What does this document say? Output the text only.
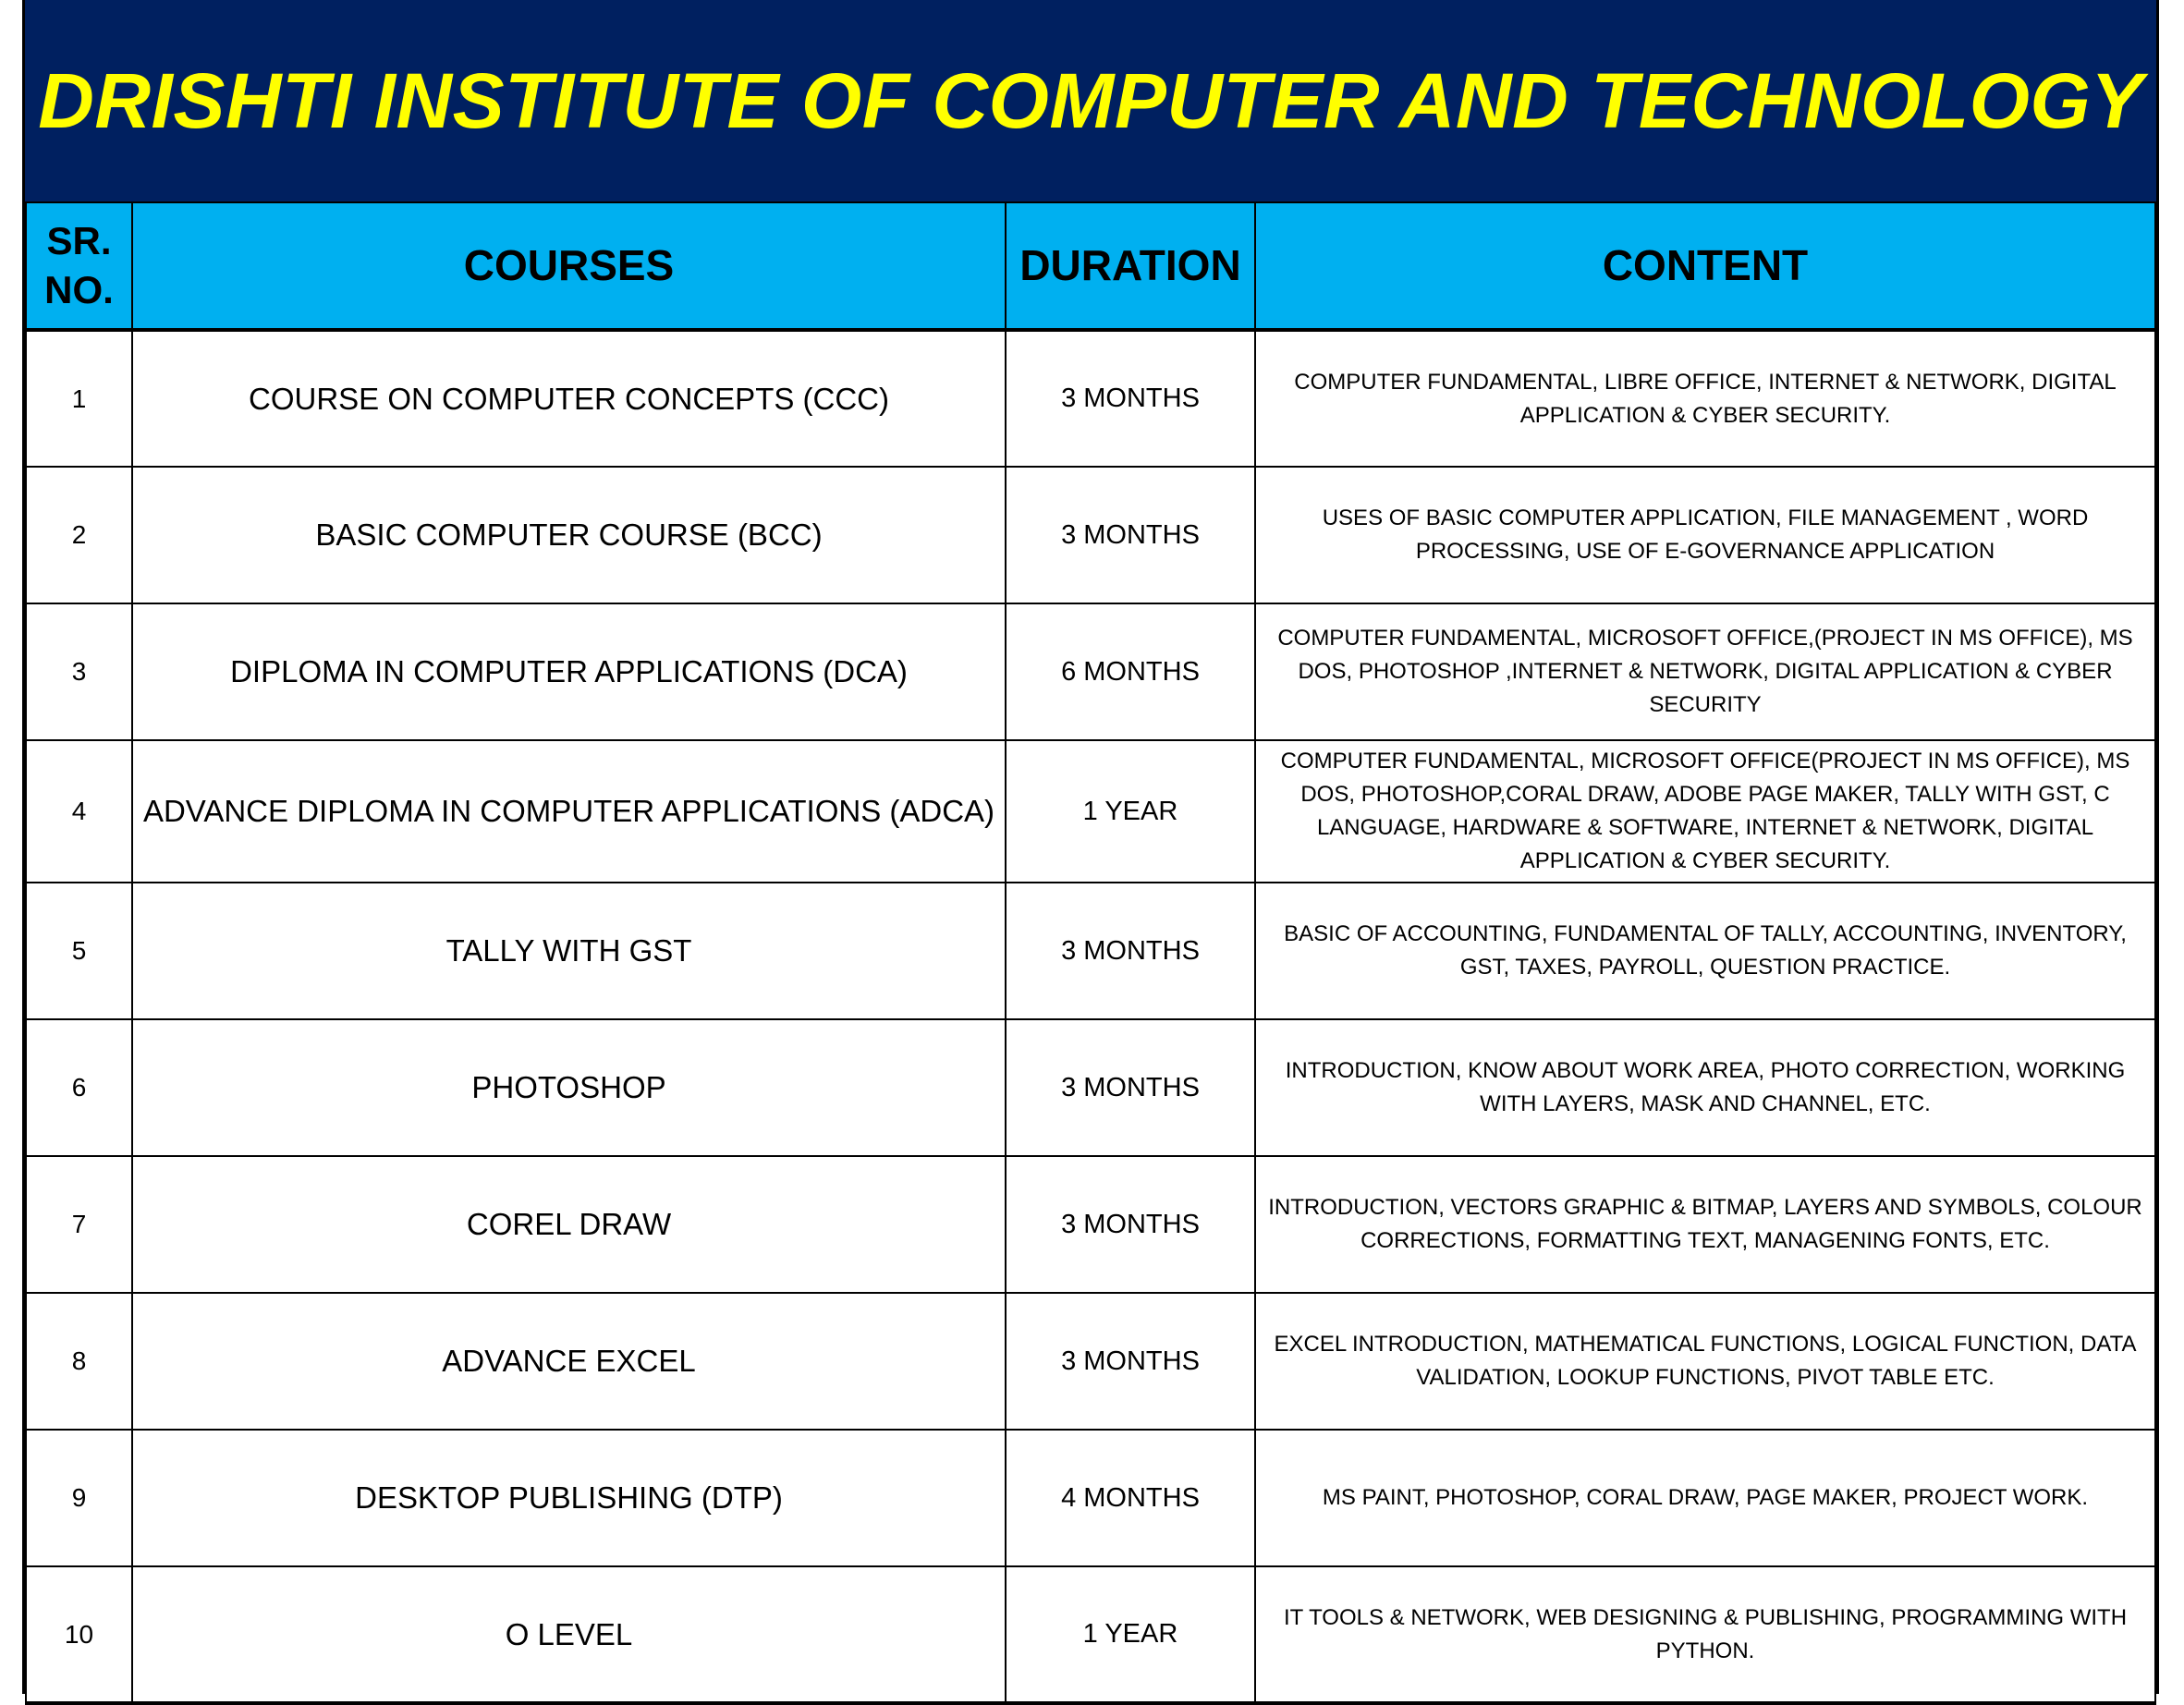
DRISHTI INSTITUTE OF COMPUTER AND TECHNOLOGY
SR. NO.	COURSES	DURATION	CONTENT
1	COURSE ON COMPUTER CONCEPTS (CCC)	3 MONTHS	COMPUTER FUNDAMENTAL, LIBRE OFFICE, INTERNET & NETWORK, DIGITAL APPLICATION & CYBER SECURITY.
2	BASIC COMPUTER COURSE (BCC)	3 MONTHS	USES OF BASIC COMPUTER APPLICATION, FILE MANAGEMENT , WORD PROCESSING, USE OF E-GOVERNANCE APPLICATION
3	DIPLOMA IN COMPUTER APPLICATIONS (DCA)	6 MONTHS	COMPUTER FUNDAMENTAL, MICROSOFT OFFICE,(PROJECT IN MS OFFICE), MS DOS, PHOTOSHOP ,INTERNET & NETWORK, DIGITAL APPLICATION & CYBER SECURITY
4	ADVANCE DIPLOMA IN COMPUTER APPLICATIONS (ADCA)	1 YEAR	COMPUTER FUNDAMENTAL, MICROSOFT OFFICE(PROJECT IN MS OFFICE), MS DOS, PHOTOSHOP,CORAL DRAW, ADOBE PAGE MAKER, TALLY WITH GST, C LANGUAGE, HARDWARE & SOFTWARE, INTERNET & NETWORK, DIGITAL APPLICATION & CYBER SECURITY.
5	TALLY WITH GST	3 MONTHS	BASIC OF ACCOUNTING, FUNDAMENTAL OF TALLY, ACCOUNTING, INVENTORY, GST, TAXES, PAYROLL, QUESTION PRACTICE.
6	PHOTOSHOP	3 MONTHS	INTRODUCTION, KNOW ABOUT WORK AREA, PHOTO CORRECTION, WORKING WITH LAYERS, MASK AND CHANNEL, ETC.
7	COREL DRAW	3 MONTHS	INTRODUCTION, VECTORS GRAPHIC & BITMAP, LAYERS AND SYMBOLS, COLOUR CORRECTIONS, FORMATTING TEXT, MANAGENING FONTS, ETC.
8	ADVANCE EXCEL	3 MONTHS	EXCEL INTRODUCTION, MATHEMATICAL FUNCTIONS, LOGICAL FUNCTION, DATA VALIDATION, LOOKUP FUNCTIONS, PIVOT TABLE ETC.
9	DESKTOP PUBLISHING (DTP)	4 MONTHS	MS PAINT, PHOTOSHOP, CORAL DRAW, PAGE MAKER, PROJECT WORK.
10	O LEVEL	1 YEAR	IT TOOLS & NETWORK, WEB DESIGNING & PUBLISHING, PROGRAMMING WITH PYTHON.
